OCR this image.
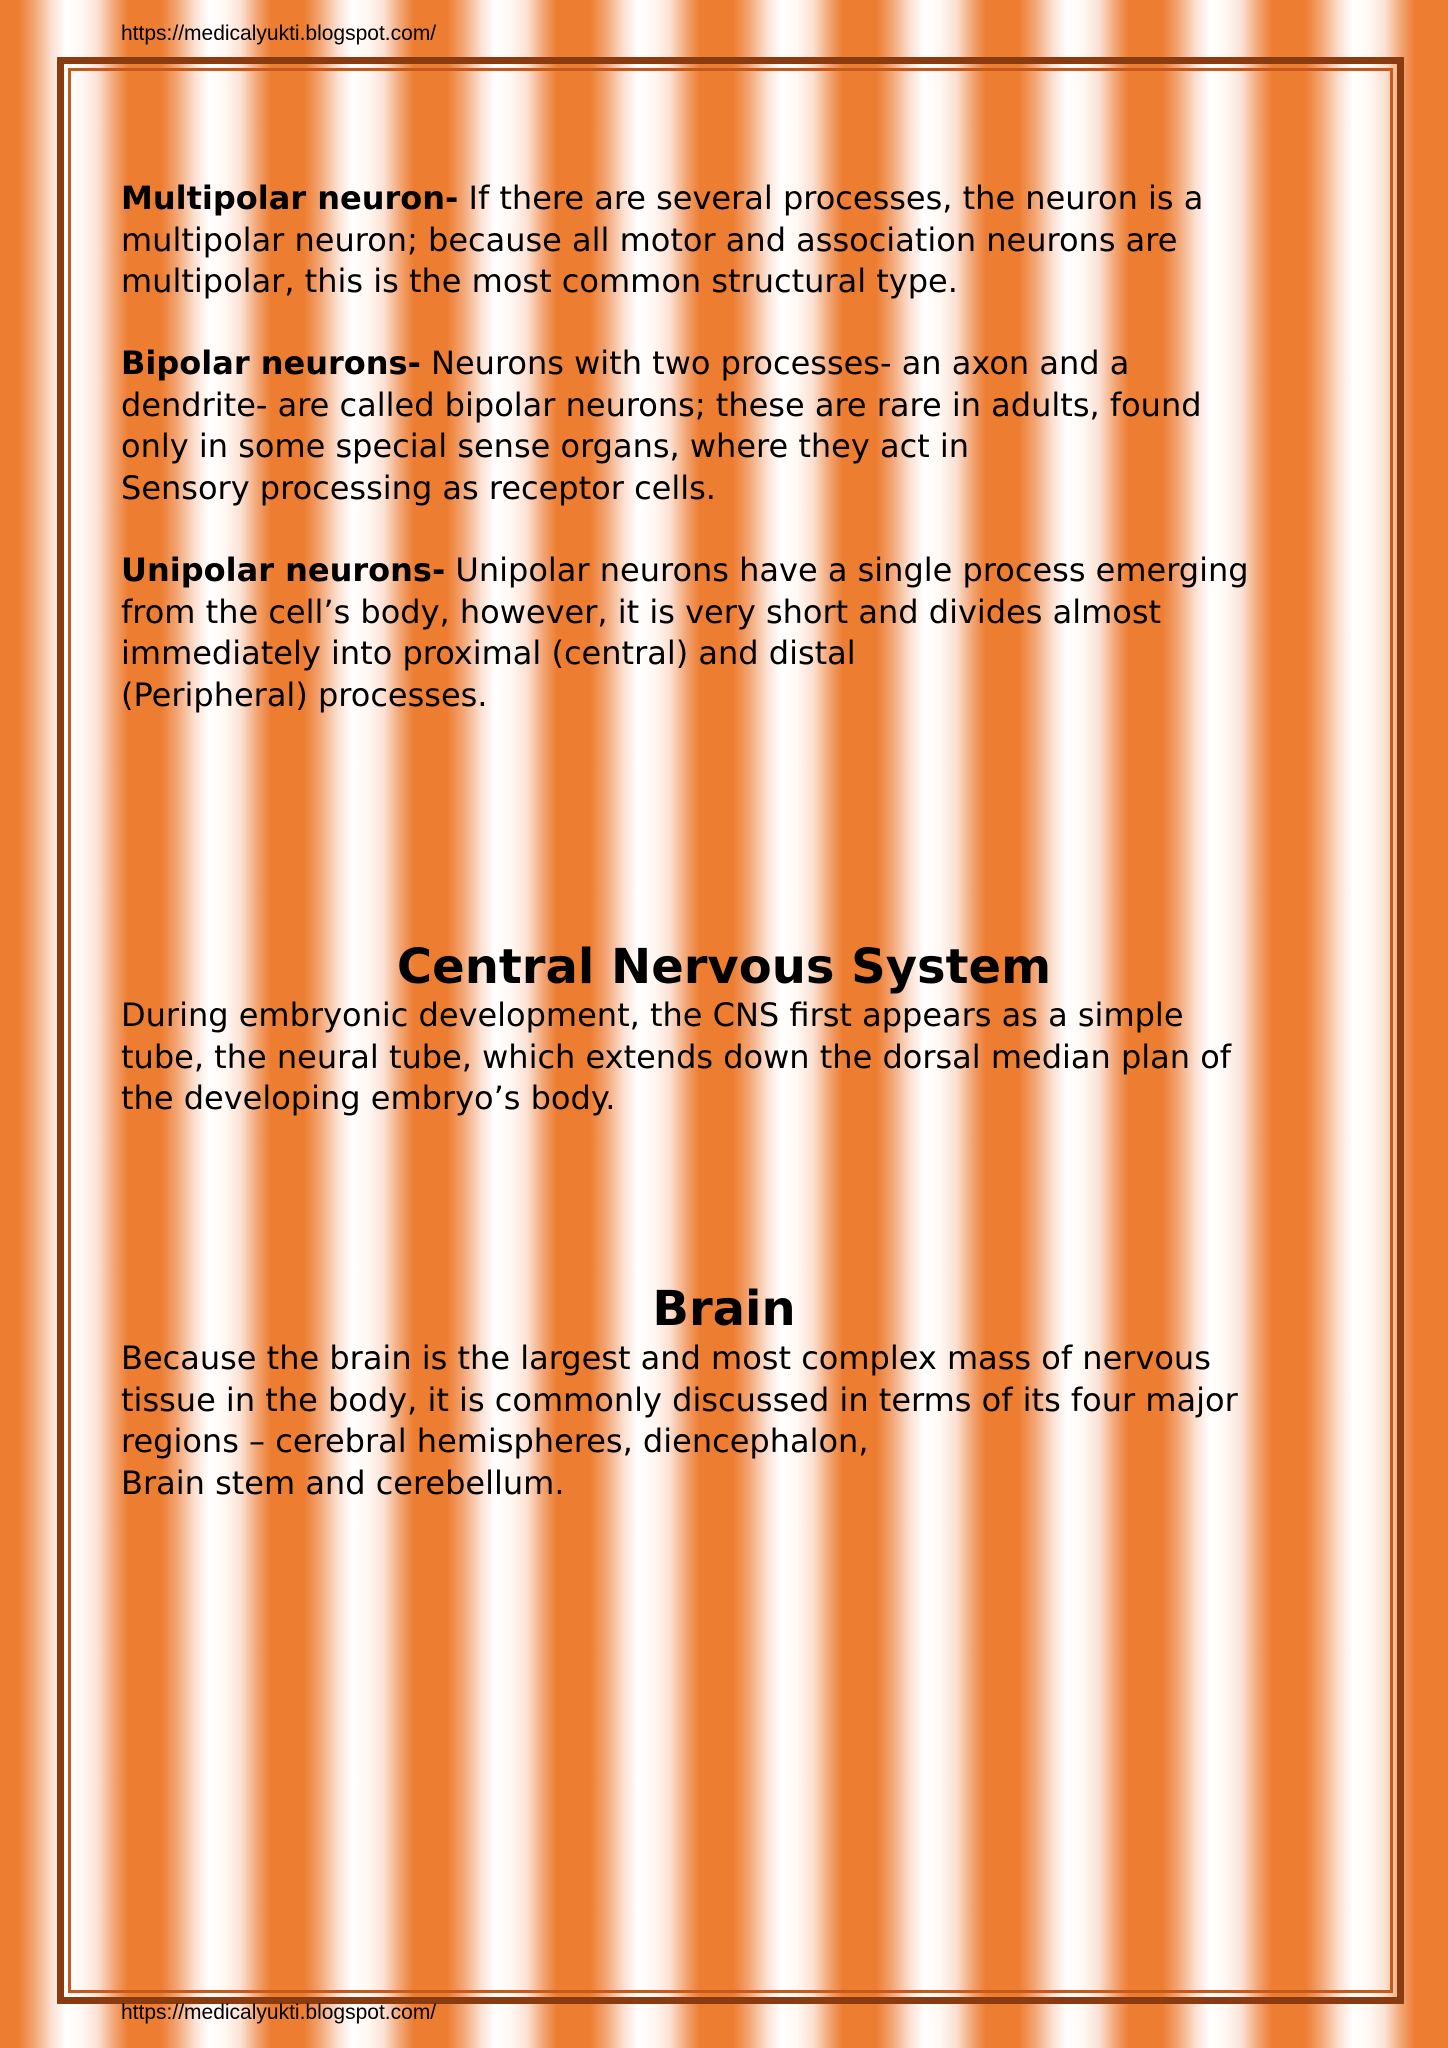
https://medicalyukti.blogspot.com/

Multipolar neuron- If there are several processes, the neuron is a
multipolar neuron; because all motor and association neurons are
multipolar, this is the most common structural type.

Bipolar neurons- Neurons with two processes- an axon and a
dendrite- are called bipolar neurons; these are rare in adults, found
only in some special sense organs, where they act in
Sensory processing as receptor cells.

Unipolar neurons- Unipolar neurons have a single process emerging
from the cell’s body, however, it is very short and divides almost
immediately into proximal (central) and distal
(Peripheral) processes.

Central Nervous System

During embryonic development, the CNS first appears as a simple
tube, the neural tube, which extends down the dorsal median plan of
the developing embryo’s body.

Brain

Because the brain is the largest and most complex mass of nervous
tissue in the body, it is commonly discussed in terms of its four major
regions – cerebral hemispheres, diencephalon,
Brain stem and cerebellum.

https://medicalyukti.blogspot.com/
